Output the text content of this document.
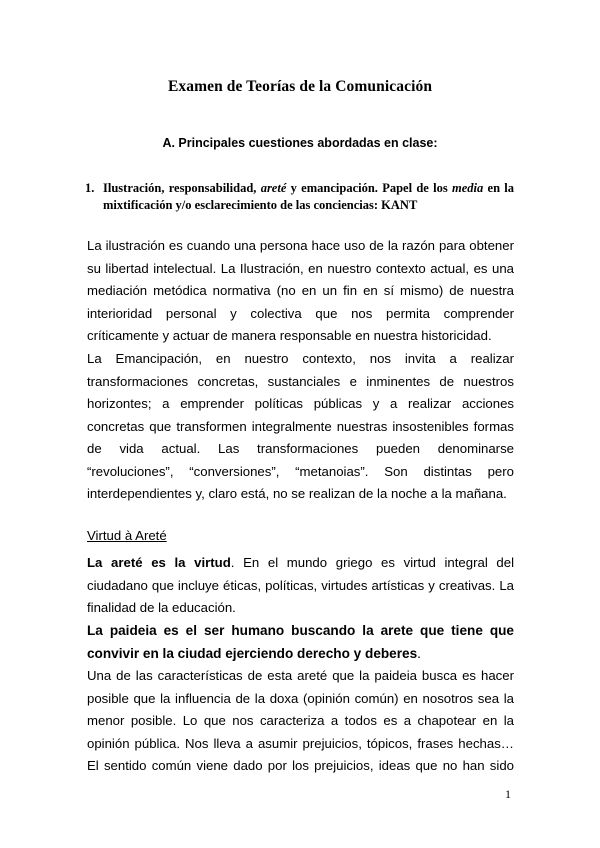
Examen de Teorías de la Comunicación
A. Principales cuestiones abordadas en clase:
1. Ilustración, responsabilidad, areté y emancipación. Papel de los media en la mixtificación y/o esclarecimiento de las conciencias: KANT

La ilustración es cuando una persona hace uso de la razón para obtener su libertad intelectual. La Ilustración, en nuestro contexto actual, es una mediación metódica normativa (no en un fin en sí mismo) de nuestra interioridad personal y colectiva que nos permita comprender críticamente y actuar de manera responsable en nuestra historicidad.

La Emancipación, en nuestro contexto, nos invita a realizar transformaciones concretas, sustanciales e inminentes de nuestros horizontes; a emprender políticas públicas y a realizar acciones concretas que transformen integralmente nuestras insostenibles formas de vida actual. Las transformaciones pueden denominarse “revoluciones”, “conversiones”, “metanoias”. Son distintas pero interdependientes y, claro está, no se realizan de la noche a la mañana.

Virtud à Areté

La areté es la virtud. En el mundo griego es virtud integral del ciudadano que incluye éticas, políticas, virtudes artísticas y creativas. La finalidad de la educación.

La paideia es el ser humano buscando la arete que tiene que convivir en la ciudad ejerciendo derecho y deberes.

Una de las características de esta areté que la paideia busca es hacer posible que la influencia de la doxa (opinión común) en nosotros sea la menor posible. Lo que nos caracteriza a todos es a chapotear en la opinión pública. Nos lleva a asumir prejuicios, tópicos, frases hechas… El sentido común viene dado por los prejuicios, ideas que no han sido

1
